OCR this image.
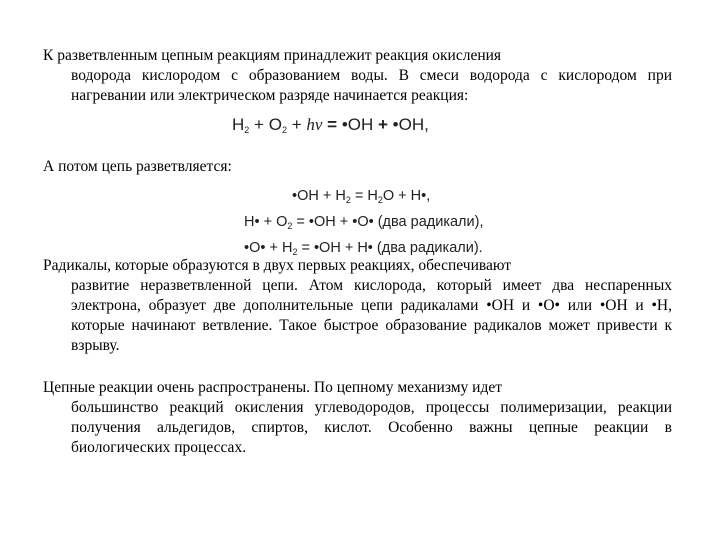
К разветвленным цепным реакциям принадлежит реакция окисления
водорода кислородом с образованием воды. В смеси водорода с кислородом при нагревании или электрическом разряде начинается реакция:
$H_2 + O_2 + h\nu$ = •OH + •OH,
А потом цепь разветвляется:
•OH + $H_2 = H_2O$ + H•,
H• + $O_2$ = •OH + •O• (два радикали),
•O• + $H_2$ = •OH + H• (два радикали).
Радикалы, которые образуются в двух первых реакциях, обеспечивают
развитие неразветвленной цепи. Атом кислорода, который имеет два неспаренных электрона, образует две дополнительные цепи радикалами •OH и •О• или •OH и •Н, которые начинают ветвление. Такое быстрое образование радикалов может привести к взрыву.
Цепные реакции очень распространены. По цепному механизму идет
большинство реакций окисления углеводородов, процессы полимеризации, реакции получения альдегидов, спиртов, кислот. Особенно важны цепные реакции в биологических процессах.
